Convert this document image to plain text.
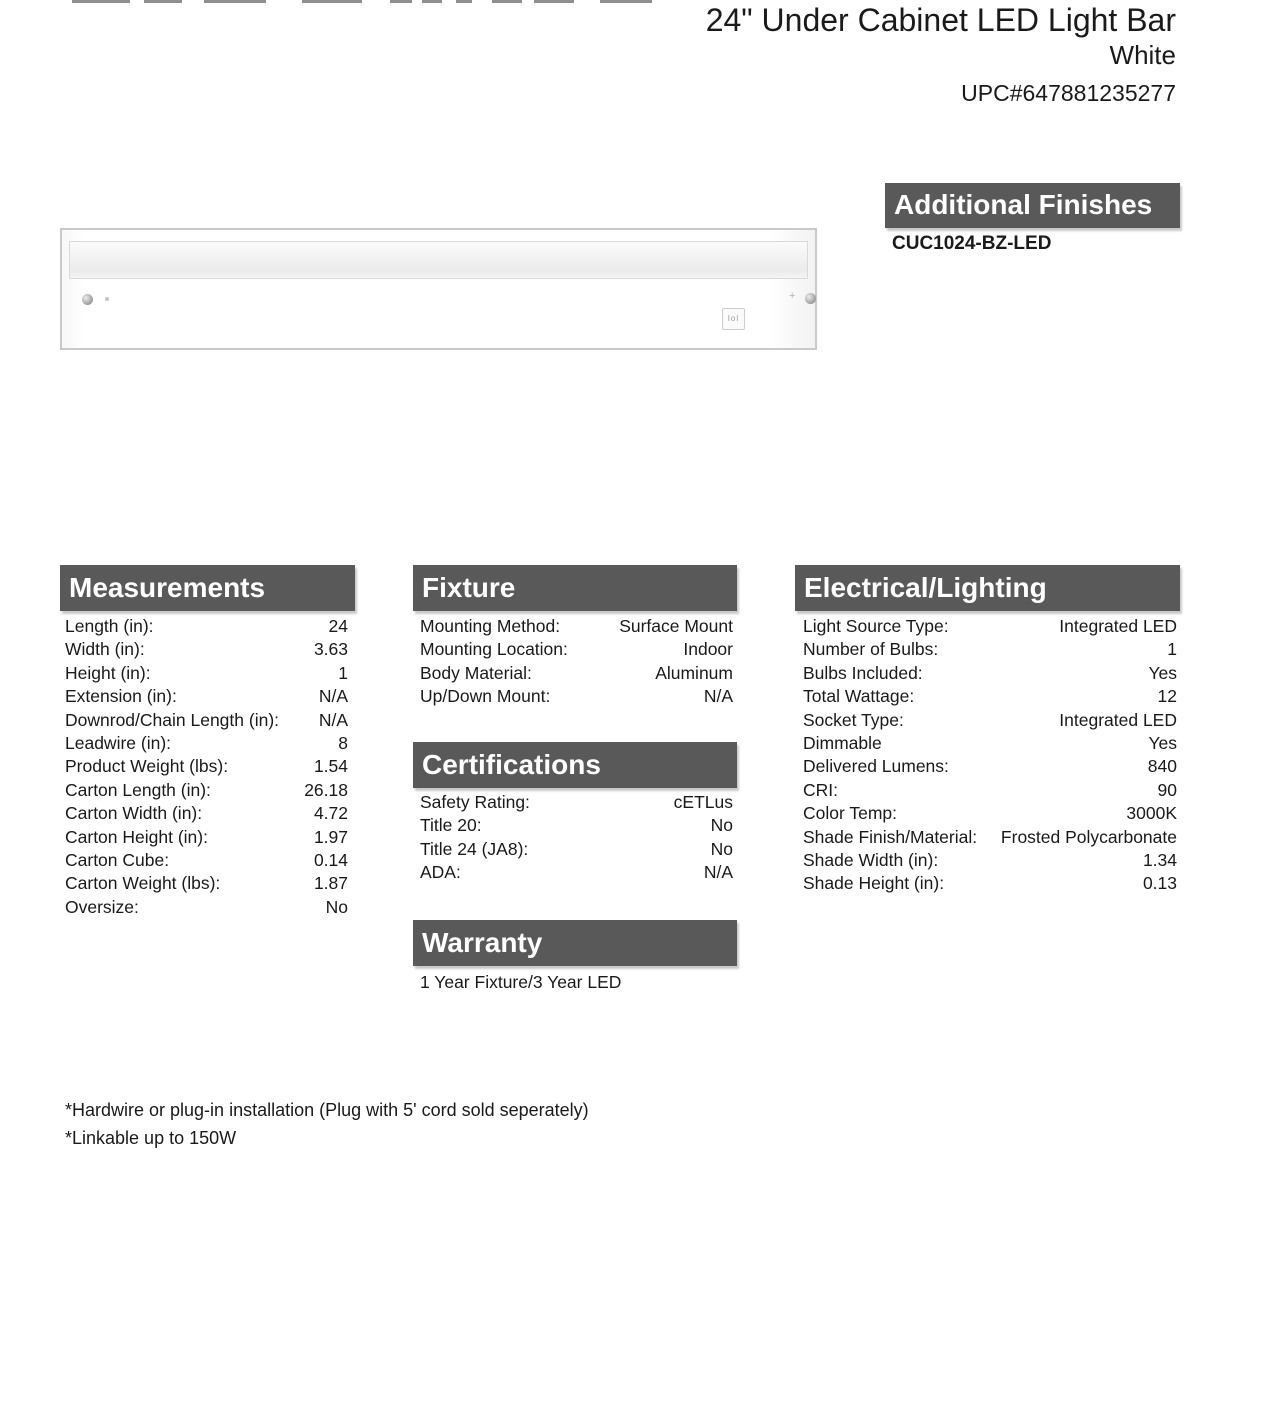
24" Under Cabinet LED Light Bar
White
UPC#647881235277
+
ǀoǀ
Additional Finishes
CUC1024-BZ-LED
Measurements
Length (in):	24
Width (in):	3.63
Height (in):	1
Extension (in):	N/A
Downrod/Chain Length (in): N/A
Leadwire (in):	8
Product Weight (lbs):	1.54
Carton Length (in):	26.18
Carton Width (in):	4.72
Carton Height (in):	1.97
Carton Cube:	0.14
Carton Weight (lbs):	1.87
Oversize:	No
Fixture
Mounting Method:	Surface Mount
Mounting Location:	Indoor
Body Material:	Aluminum
Up/Down Mount:	N/A
Certifications
Safety Rating:	cETLus
Title 20:	No
Title 24 (JA8):	No
ADA:	N/A
Warranty
1 Year Fixture/3 Year LED
Electrical/Lighting
Light Source Type:	Integrated LED
Number of Bulbs:	1
Bulbs Included:	Yes
Total Wattage:	12
Socket Type:	Integrated LED
Dimmable	Yes
Delivered Lumens:	840
CRI:	90
Color Temp:	3000K
Shade Finish/Material: Frosted Polycarbonate
Shade Width (in):	1.34
Shade Height (in):	0.13
*Hardwire or plug-in installation (Plug with 5' cord sold seperately)
*Linkable up to 150W
